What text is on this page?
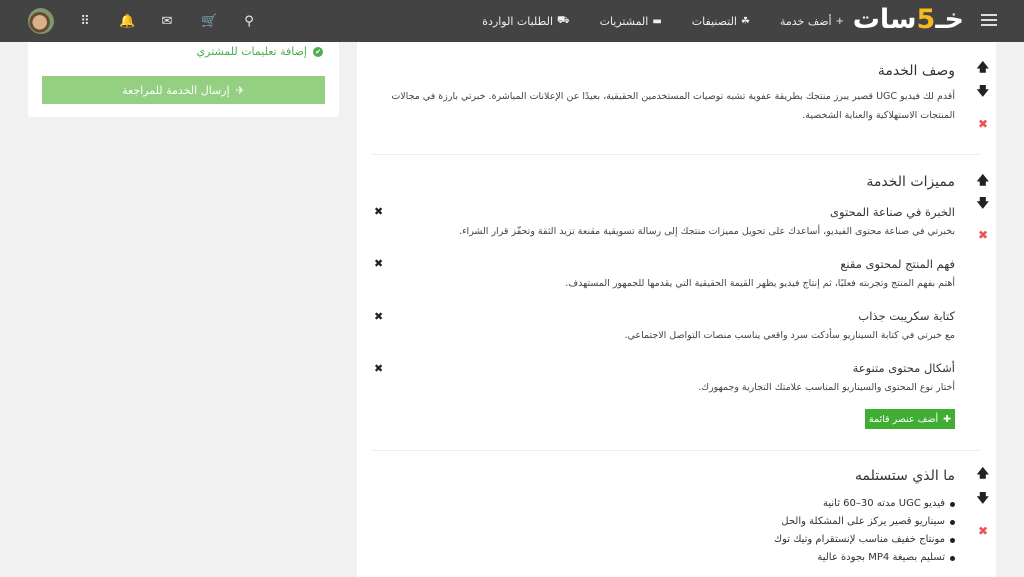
خـ5سات
+
أضف خدمة
☘
التصنيفات
▬
المشتريات
⛟
الطلبات الواردة
⠿ 🔔 ✉ 🛒 ⚲
✔
إضافة تعليمات للمشتري
✈
إرسال الخدمة للمراجعة
🡅
🡇
✖
وصف الخدمة
أقدم لك فيديو UGC قصير يبرز منتجك بطريقة عفوية تشبه توصيات المستخدمين الحقيقية، بعيدًا عن الإعلانات المباشرة. خبرتي بارزة في مجالات المنتجات الاستهلاكية والعناية الشخصية.
🡅
🡇
✖
مميزات الخدمة
✖	الخبرة في صناعة المحتوى
بخبرتي في صناعة محتوى الفيديو، أساعدك على تحويل مميزات منتجك إلى رسالة تسويقية مقنعة تزيد الثقة وتحفّز قرار الشراء.
✖	فهم المنتج لمحتوى مقنع
أهتم بفهم المنتج وتجربته فعليًا، ثم إنتاج فيديو يظهر القيمة الحقيقية التي يقدمها للجمهور المستهدف.
✖	كتابة سكريبت جذاب
مع خبرتي في كتابة السيناريو سأدكت سرد واقعي يناسب منصات التواصل الاجتماعي.
✖	أشكال محتوى متنوعة
أختار نوع المحتوى والسيناريو المناسب علامتك التجارية وجمهورك.
✚
أضف عنصر قائمة
🡅
🡇
✖
ما الذي ستستلمه
فيديو UGC مدته 30–60 ثانية
سيناريو قصير يركز على المشكلة والحل
مونتاج خفيف مناسب لإنستقرام وتيك توك
تسليم بصيغة MP4 بجودة عالية
